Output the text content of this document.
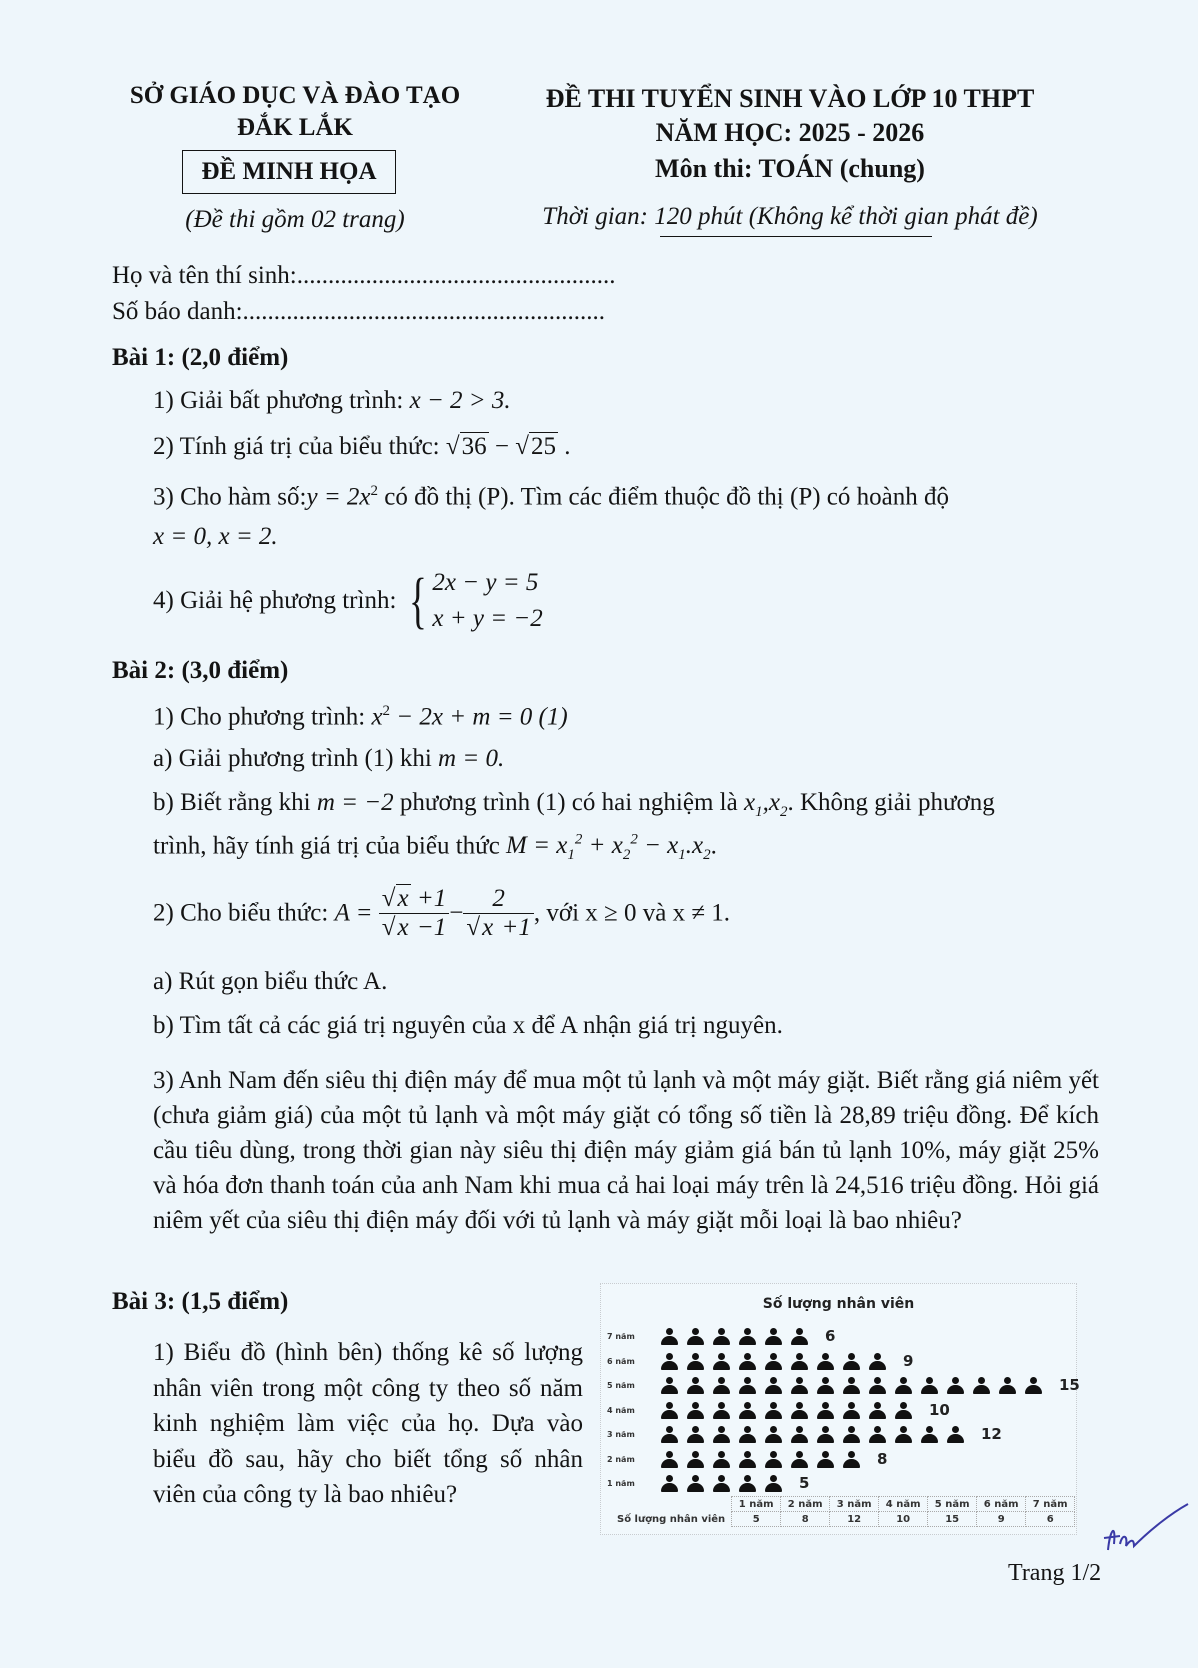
SỞ GIÁO DỤC VÀ ĐÀO TẠO
ĐẮK LẮK
ĐỀ MINH HỌA
(Đề thi gồm 02 trang)
ĐỀ THI TUYỂN SINH VÀO LỚP 10 THPT
NĂM HỌC: 2025 - 2026
Môn thi: TOÁN (chung)
Thời gian: 120 phút (Không kể thời gian phát đề)
Họ và tên thí sinh:...................................................
Số báo danh:..........................................................
Bài 1: (2,0 điểm)
1) Giải bất phương trình: x − 2 > 3.
2) Tính giá trị của biểu thức: √36 − √25 .
3) Cho hàm số:y = $2x^2$ có đồ thị (P). Tìm các điểm thuộc đồ thị (P) có hoành độ
x = 0, x = 2.
4) Giải hệ phương trình: { 2x − y = 5
x + y = −2
Bài 2: (3,0 điểm)
1) Cho phương trình: $x^2 - 2x + m = 0$ (1)
a) Giải phương trình (1) khi m = 0.
b) Biết rằng khi m = −2 phương trình (1) có hai nghiệm là $x_1,x_2$. Không giải phương
trình, hãy tính giá trị của biểu thức $M = x_1^2 + x_2^2 - x_1.x_2$.
2) Cho biểu thức: $A = \frac{√x +1}{√x -1} - \frac{2}{√x +1}$ , với x ≥ 0 và x ≠ 1.
a) Rút gọn biểu thức A.
b) Tìm tất cả các giá trị nguyên của x để A nhận giá trị nguyên.
3) Anh Nam đến siêu thị điện máy để mua một tủ lạnh và một máy giặt. Biết rằng giá niêm yết (chưa giảm giá) của một tủ lạnh và một máy giặt có tổng số tiền là 28,89 triệu đồng. Để kích cầu tiêu dùng, trong thời gian này siêu thị điện máy giảm giá bán tủ lạnh 10%, máy giặt 25% và hóa đơn thanh toán của anh Nam khi mua cả hai loại máy trên là 24,516 triệu đồng. Hỏi giá niêm yết của siêu thị điện máy đối với tủ lạnh và máy giặt mỗi loại là bao nhiêu?
Bài 3: (1,5 điểm)
1) Biểu đồ (hình bên) thống kê số lượng nhân viên trong một công ty theo số năm kinh nghiệm làm việc của họ. Dựa vào biểu đồ sau, hãy cho biết tổng số nhân viên của công ty là bao nhiêu?
Số lượng nhân viên
7 năm	6
6 năm	9
5 năm	15
4 năm	10
3 năm	12
2 năm	8
1 năm	5
	1 năm	2 năm	3 năm	4 năm	5 năm	6 năm	7 năm
Số lượng nhân viên	5	8	12	10	15	9	6
Trang 1/2
